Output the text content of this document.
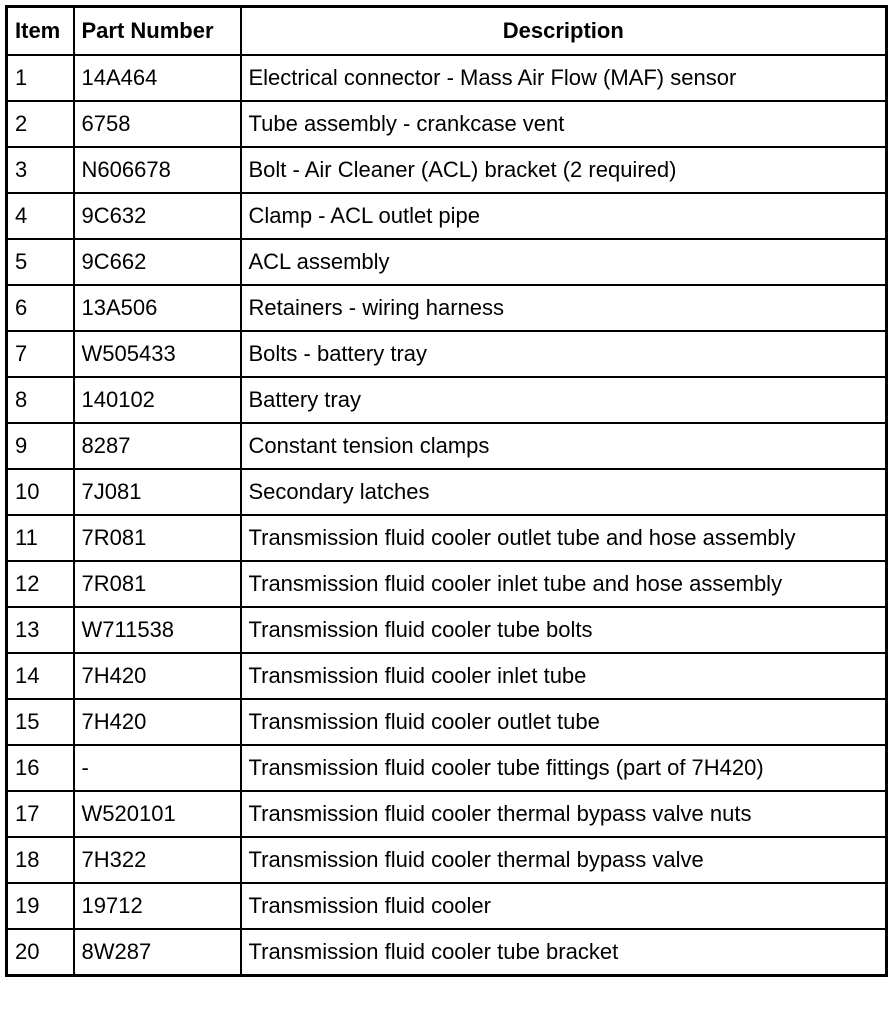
Item	Part Number	Description
1	14A464	Electrical connector - Mass Air Flow (MAF) sensor
2	6758	Tube assembly - crankcase vent
3	N606678	Bolt - Air Cleaner (ACL) bracket (2 required)
4	9C632	Clamp - ACL outlet pipe
5	9C662	ACL assembly
6	13A506	Retainers - wiring harness
7	W505433	Bolts - battery tray
8	140102	Battery tray
9	8287	Constant tension clamps
10	7J081	Secondary latches
11	7R081	Transmission fluid cooler outlet tube and hose assembly
12	7R081	Transmission fluid cooler inlet tube and hose assembly
13	W711538	Transmission fluid cooler tube bolts
14	7H420	Transmission fluid cooler inlet tube
15	7H420	Transmission fluid cooler outlet tube
16	-	Transmission fluid cooler tube fittings (part of 7H420)
17	W520101	Transmission fluid cooler thermal bypass valve nuts
18	7H322	Transmission fluid cooler thermal bypass valve
19	19712	Transmission fluid cooler
20	8W287	Transmission fluid cooler tube bracket
